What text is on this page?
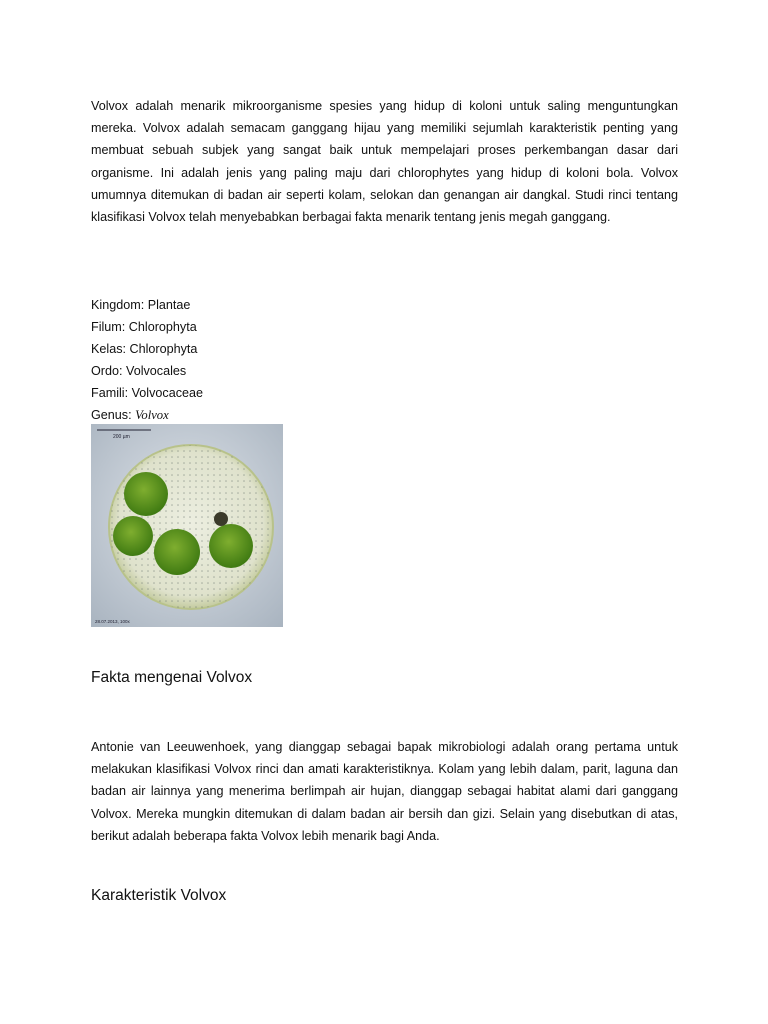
Volvox adalah menarik mikroorganisme spesies yang hidup di koloni untuk saling menguntungkan mereka. Volvox adalah semacam ganggang hijau yang memiliki sejumlah karakteristik penting yang membuat sebuah subjek yang sangat baik untuk mempelajari proses perkembangan dasar dari organisme. Ini adalah jenis yang paling maju dari chlorophytes yang hidup di koloni bola. Volvox umumnya ditemukan di badan air seperti kolam, selokan dan genangan air dangkal. Studi rinci tentang klasifikasi Volvox telah menyebabkan berbagai fakta menarik tentang jenis megah ganggang.

Kingdom: Plantae
Filum: Chlorophyta
Kelas: Chlorophyta
Ordo: Volvocales
Famili: Volvocaceae
Genus: Volvox
200 µm
28.07.2013, 100x
Fakta mengenai Volvox

Antonie van Leeuwenhoek, yang dianggap sebagai bapak mikrobiologi adalah orang pertama untuk melakukan klasifikasi Volvox rinci dan amati karakteristiknya. Kolam yang lebih dalam, parit, laguna dan badan air lainnya yang menerima berlimpah air hujan, dianggap sebagai habitat alami dari ganggang Volvox. Mereka mungkin ditemukan di dalam badan air bersih dan gizi. Selain yang disebutkan di atas, berikut adalah beberapa fakta Volvox lebih menarik bagi Anda.

Karakteristik Volvox
